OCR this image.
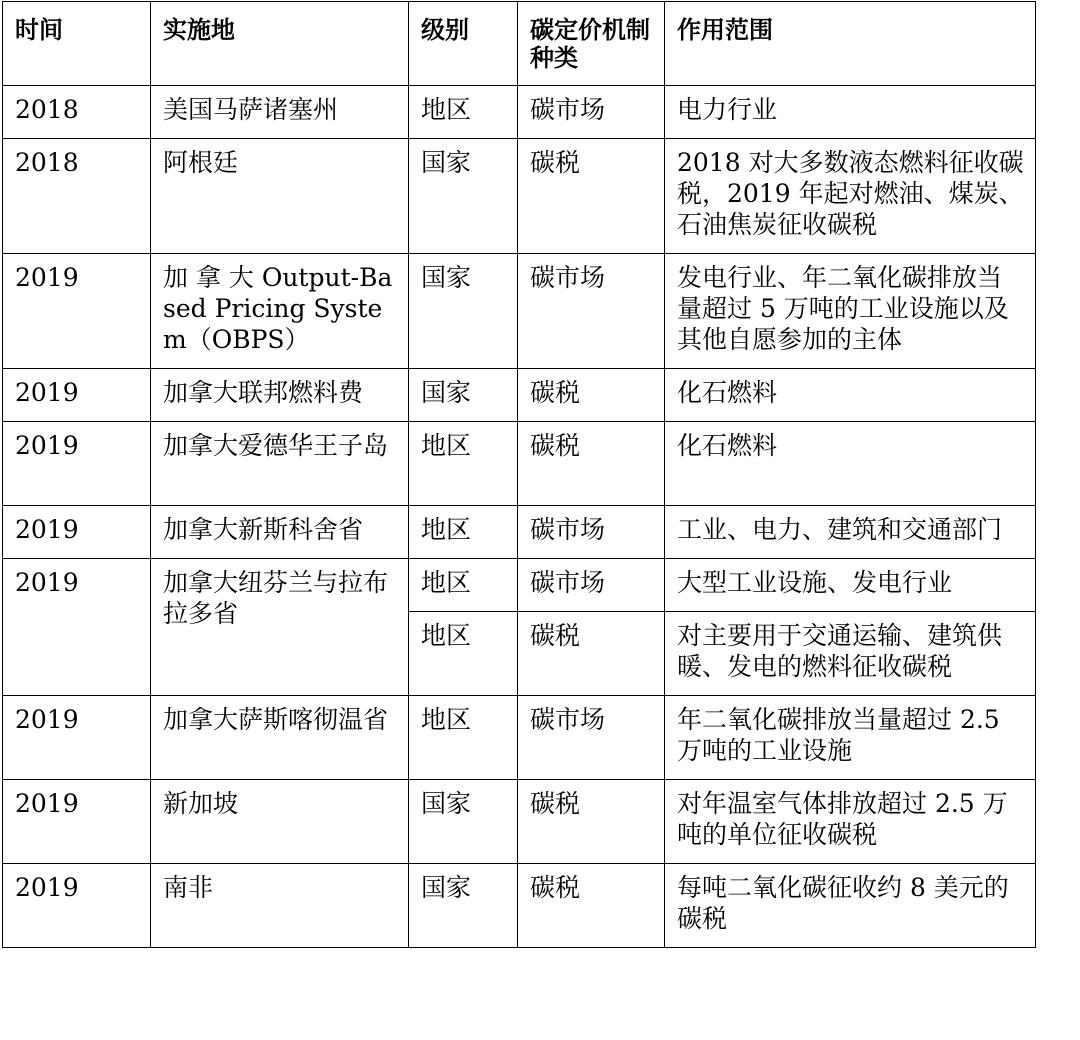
时间	实施地	级别	碳定价机制种类	作用范围
2018	美国马萨诸塞州	地区	碳市场	电力行业
2018	阿根廷	国家	碳税	2018 对大多数液态燃料征收碳税，2019 年起对燃油、煤炭、石油焦炭征收碳税
2019	加 拿 大 Output-Based Pricing System（OBPS）	国家	碳市场	发电行业、年二氧化碳排放当量超过 5 万吨的工业设施以及其他自愿参加的主体
2019	加拿大联邦燃料费	国家	碳税	化石燃料
2019	加拿大爱德华王子岛	地区	碳税	化石燃料
2019	加拿大新斯科舍省	地区	碳市场	工业、电力、建筑和交通部门
2019	加拿大纽芬兰与拉布拉多省	地区	碳市场	大型工业设施、发电行业
		地区	碳税	对主要用于交通运输、建筑供暖、发电的燃料征收碳税
2019	加拿大萨斯喀彻温省	地区	碳市场	年二氧化碳排放当量超过 2.5 万吨的工业设施
2019	新加坡	国家	碳税	对年温室气体排放超过 2.5 万吨的单位征收碳税
2019	南非	国家	碳税	每吨二氧化碳征收约 8 美元的碳税
